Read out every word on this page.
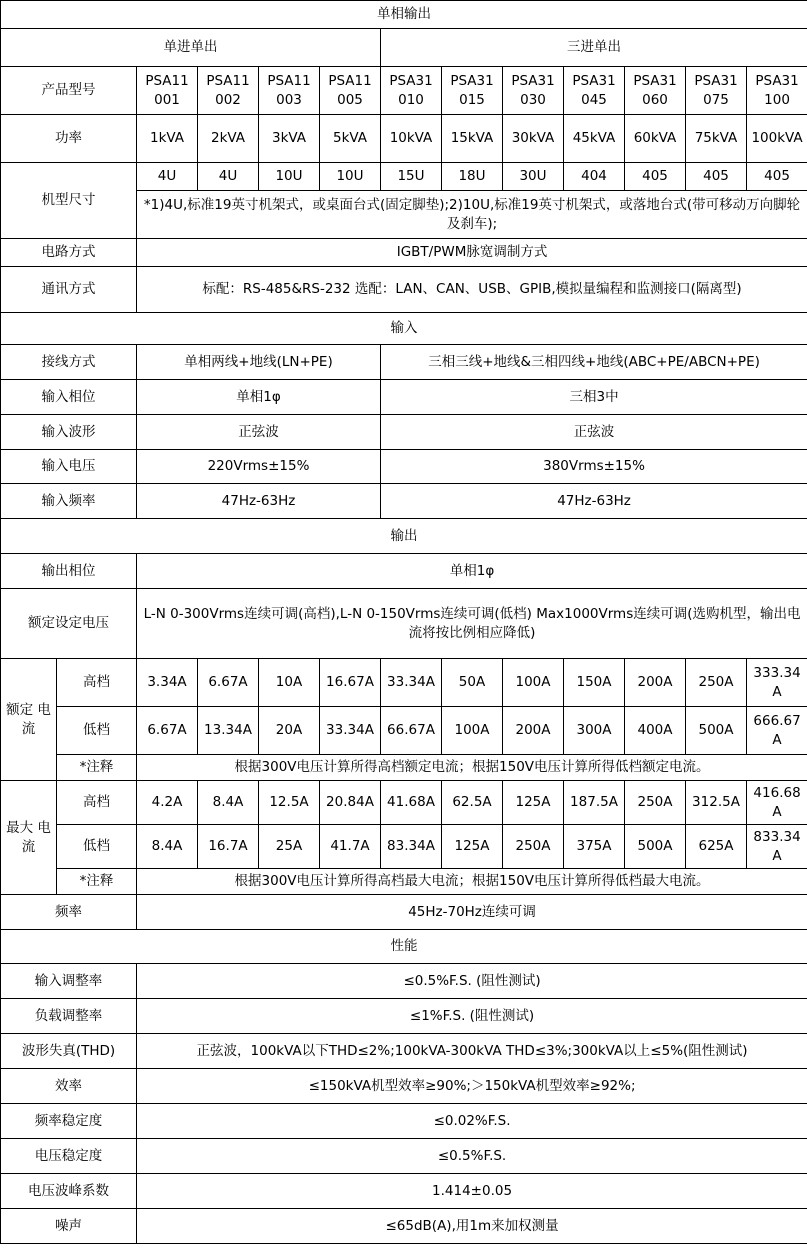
单相输出												
单进单出						三进单出						
产品型号		PSA11 001	PSA11 002	PSA11 003	PSA11 005	PSA31 010	PSA31 015	PSA31 030	PSA31 045	PSA31 060	PSA31 075	PSA31 100
功率		1kVA	2kVA	3kVA	5kVA	10kVA	15kVA	30kVA	45kVA	60kVA	75kVA	100kVA
机型尺寸		4U	4U	10U	10U	15U	18U	30U	404	405	405	405
		*1)4U,标准19英寸机架式，或桌面台式(固定脚垫);2)10U,标准19英寸机架式，或落地台式(带可移动万向脚轮及刹车);										
电路方式		IGBT/PWM脉宽调制方式										
通讯方式		标配：RS-485&RS-232 选配：LAN、CAN、USB、GPIB,模拟量编程和监测接口(隔离型)										
输入												
接线方式		单相两线+地线(LN+PE)				三相三线+地线&三相四线+地线(ABC+PE/ABCN+PE)						
输入相位		单相1φ				三相3中						
输入波形		正弦波				正弦波						
输入电压		220Vrms±15%				380Vrms±15%						
输入频率		47Hz-63Hz				47Hz-63Hz						
输出												
输出相位		单相1φ										
额定设定电压		L-N 0-300Vrms连续可调(高档),L-N 0-150Vrms连续可调(低档) Max1000Vrms连续可调(选购机型，输出电流将按比例相应降低)										
额定 电流	高档	3.34A	6.67A	10A	16.67A	33.34A	50A	100A	150A	200A	250A	333.34A
	低档	6.67A	13.34A	20A	33.34A	66.67A	100A	200A	300A	400A	500A	666.67A
	*注释	根据300V电压计算所得高档额定电流；根据150V电压计算所得低档额定电流。										
最大 电流	高档	4.2A	8.4A	12.5A	20.84A	41.68A	62.5A	125A	187.5A	250A	312.5A	416.68A
	低档	8.4A	16.7A	25A	41.7A	83.34A	125A	250A	375A	500A	625A	833.34A
	*注释	根据300V电压计算所得高档最大电流；根据150V电压计算所得低档最大电流。										
频率		45Hz-70Hz连续可调										
性能												
输入调整率		≤0.5%F.S. (阻性测试)										
负载调整率		≤1%F.S. (阻性测试)										
波形失真(THD)		正弦波，100kVA以下THD≤2%;100kVA-300kVA THD≤3%;300kVA以上≤5%(阻性测试)										
效率		≤150kVA机型效率≥90%;＞150kVA机型效率≥92%;										
频率稳定度		≤0.02%F.S.										
电压稳定度		≤0.5%F.S.										
电压波峰系数		1.414±0.05										
噪声		≤65dB(A),用1m来加权测量										
